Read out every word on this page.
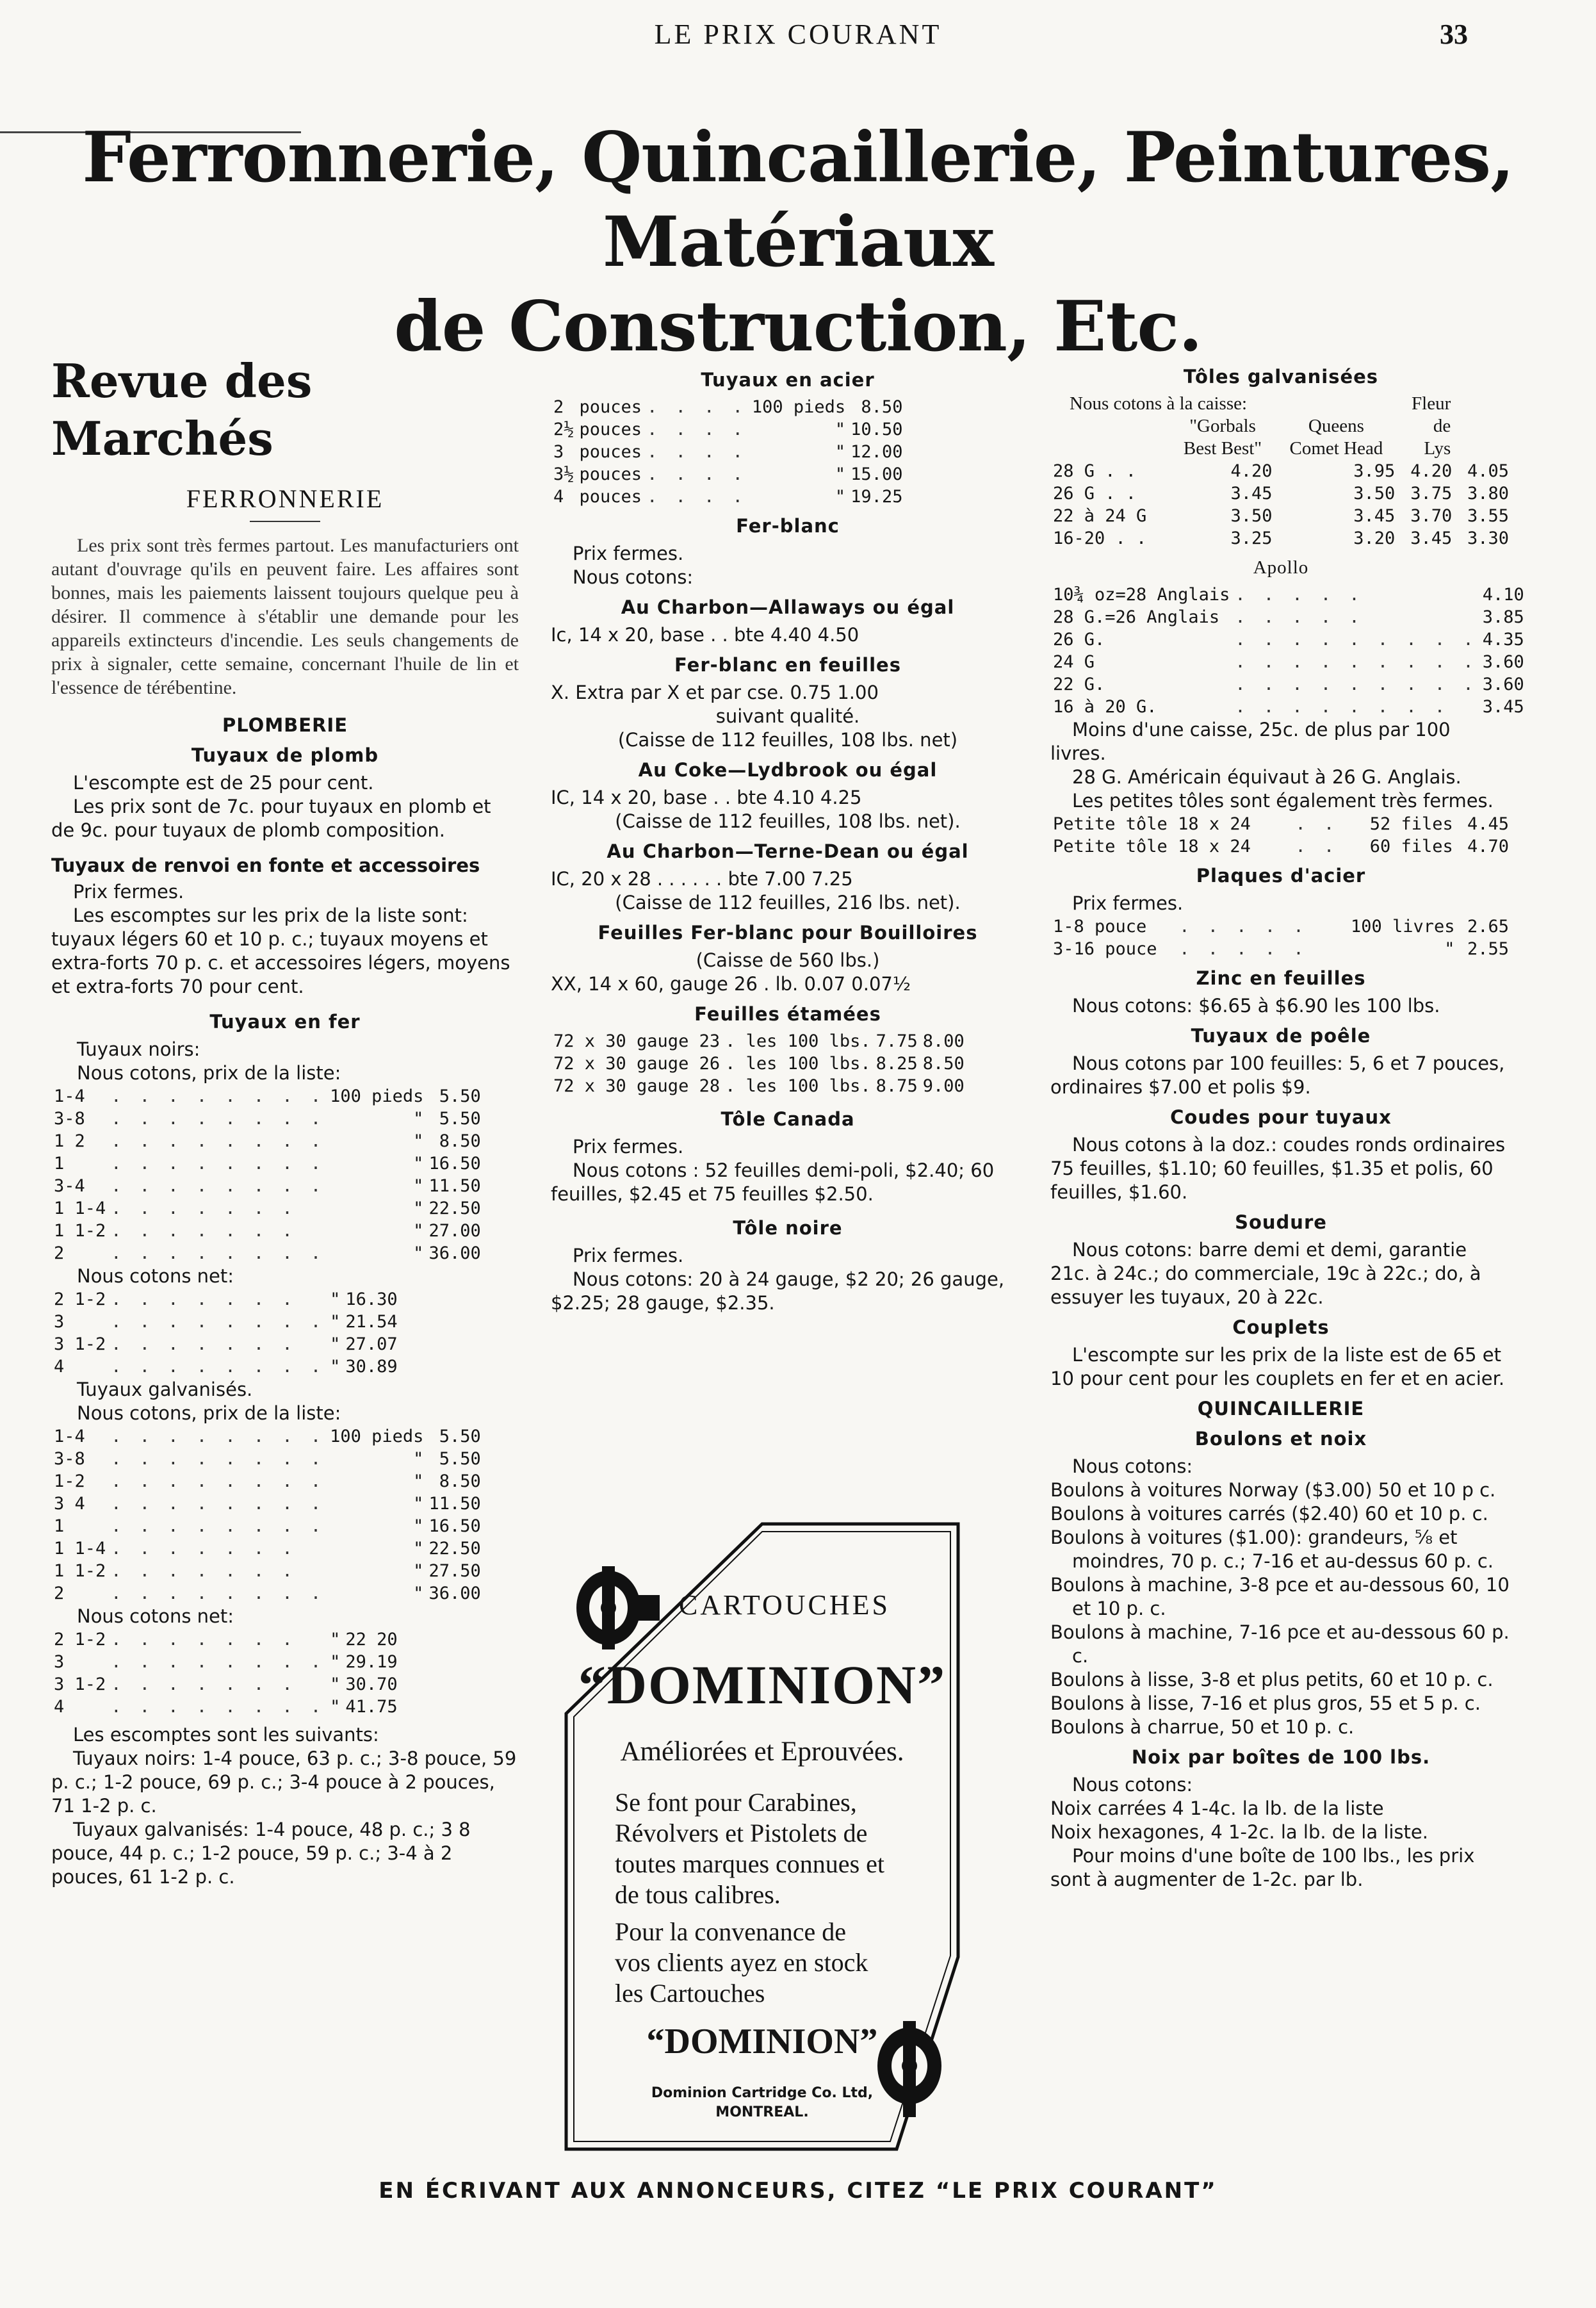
LE PRIX COURANT	33
Ferronnerie, Quincaillerie, Peintures, Matériaux
de Construction, Etc.
Revue des Marchés
FERRONNERIE

Les prix sont très fermes partout. Les manufacturiers ont autant d'ouvrage qu'ils en peuvent faire. Les affaires sont bonnes, mais les paiements laissent toujours quelque peu à désirer. Il commence à s'établir une demande pour les appareils extincteurs d'incendie. Les seuls changements de prix à signaler, cette semaine, concernant l'huile de lin et l'essence de térébentine.

PLOMBERIE
Tuyaux de plomb

L'escompte est de 25 pour cent.

Les prix sont de 7c. pour tuyaux en plomb et de 9c. pour tuyaux de plomb composition.

Tuyaux de renvoi en fonte et accessoires

Prix fermes.

Les escomptes sur les prix de la liste sont: tuyaux légers 60 et 10 p. c.; tuyaux moyens et extra-forts 70 p. c. et accessoires légers, moyens et extra-forts 70 pour cent.

Tuyaux en fer
Tuyaux noirs:
Nous cotons, prix de la liste:
1-4	. . . . . . . .	100 pieds	5.50
3-8	. . . . . . . .	"	5.50
1 2	. . . . . . . .	"	8.50
1	. . . . . . . .	"	16.50
3-4	. . . . . . . .	"	11.50
1 1-4	. . . . . . .	"	22.50
1 1-2	. . . . . . .	"	27.00
2	. . . . . . . .	"	36.00
Nous cotons net:
2 1-2	. . . . . . .	"	16.30
3	. . . . . . . .	"	21.54
3 1-2	. . . . . . .	"	27.07
4	. . . . . . . .	"	30.89
Tuyaux galvanisés.
Nous cotons, prix de la liste:
1-4	. . . . . . . .	100 pieds	5.50
3-8	. . . . . . . .	"	5.50
1-2	. . . . . . . .	"	8.50
3 4	. . . . . . . .	"	11.50
1	. . . . . . . .	"	16.50
1 1-4	. . . . . . .	"	22.50
1 1-2	. . . . . . .	"	27.50
2	. . . . . . . .	"	36.00
Nous cotons net:
2 1-2	. . . . . . .	"	22 20
3	. . . . . . . .	"	29.19
3 1-2	. . . . . . .	"	30.70
4	. . . . . . . .	"	41.75
Les escomptes sont les suivants:

Tuyaux noirs: 1-4 pouce, 63 p. c.; 3-8 pouce, 59 p. c.; 1-2 pouce, 69 p. c.; 3-4 pouce à 2 pouces, 71 1-2 p. c.

Tuyaux galvanisés: 1-4 pouce, 48 p. c.; 3 8 pouce, 44 p. c.; 1-2 pouce, 59 p. c.; 3-4 à 2 pouces, 61 1-2 p. c.

Tuyaux en acier
2	pouces	. . . .	100 pieds	8.50
2½	pouces	. . . .	"	10.50
3	pouces	. . . .	"	12.00
3½	pouces	. . . .	"	15.00
4	pouces	. . . .	"	19.25
Fer-blanc

Prix fermes.

Nous cotons:

Au Charbon—Allaways ou égal
Ic, 14 x 20, base . . bte 4.40 4.50
Fer-blanc en feuilles
X. Extra par X et par cse. 0.75 1.00
suivant qualité.
(Caisse de 112 feuilles, 108 lbs. net)
Au Coke—Lydbrook ou égal
IC, 14 x 20, base . . bte 4.10 4.25
(Caisse de 112 feuilles, 108 lbs. net).
Au Charbon—Terne-Dean ou égal
IC, 20 x 28 . . . . . . bte 7.00 7.25
(Caisse de 112 feuilles, 216 lbs. net).
Feuilles Fer-blanc pour Bouilloires
(Caisse de 560 lbs.)
XX, 14 x 60, gauge 26 . lb. 0.07 0.07½
Feuilles étamées
72 x 30 gauge 23	. les 100 lbs.	7.75	8.00
72 x 30 gauge 26	. les 100 lbs.	8.25	8.50
72 x 30 gauge 28	. les 100 lbs.	8.75	9.00
Tôle Canada

Prix fermes.

Nous cotons : 52 feuilles demi-poli, $2.40; 60 feuilles, $2.45 et 75 feuilles $2.50.

Tôle noire

Prix fermes.

Nous cotons: 20 à 24 gauge, $2 20; 26 gauge, $2.25; 28 gauge, $2.35.

CARTOUCHES
“DOMINION”
Améliorées et Eprouvées.
Se font pour Carabines,
Révolvers et Pistolets de
toutes marques connues et
de tous calibres.
Pour la convenance de
vos clients ayez en stock
les Cartouches
“DOMINION”
Dominion Cartridge Co. Ltd,
MONTREAL.
Tôles galvanisées
Nous cotons à la caisse:			Fleur	
	"Gorbals	Queens	de	
	Best Best"	Comet Head	Lys	
28 G . .	4.20	3.95	4.20	4.05
26 G . .	3.45	3.50	3.75	3.80
22 à 24 G	3.50	3.45	3.70	3.55
16-20 . .	3.25	3.20	3.45	3.30
Apollo
10¾ oz=28 Anglais	. . . . .	4.10
28 G.=26 Anglais	. . . . .	3.85
26 G.	. . . . . . . . .	4.35
24 G	. . . . . . . . .	3.60
22 G.	. . . . . . . . .	3.60
16 à 20 G.	. . . . . . . .	3.45

Moins d'une caisse, 25c. de plus par 100 livres.

28 G. Américain équivaut à 26 G. Anglais.

Les petites tôles sont également très fermes.

Petite tôle 18 x 24	. .	52 files	4.45
Petite tôle 18 x 24	. .	60 files	4.70
Plaques d'acier

Prix fermes.

1-8 pouce	. . . . .	100 livres	2.65
3-16 pouce	. . . . .	"	2.55
Zinc en feuilles

Nous cotons: $6.65 à $6.90 les 100 lbs.

Tuyaux de poêle

Nous cotons par 100 feuilles: 5, 6 et 7 pouces, ordinaires $7.00 et polis $9.

Coudes pour tuyaux

Nous cotons à la doz.: coudes ronds ordinaires 75 feuilles, $1.10; 60 feuilles, $1.35 et polis, 60 feuilles, $1.60.

Soudure

Nous cotons: barre demi et demi, garantie 21c. à 24c.; do commerciale, 19c à 22c.; do, à essuyer les tuyaux, 20 à 22c.

Couplets

L'escompte sur les prix de la liste est de 65 et 10 pour cent pour les couplets en fer et en acier.

QUINCAILLERIE
Boulons et noix
Nous cotons:
Boulons à voitures Norway ($3.00) 50 et 10 p c.
Boulons à voitures carrés ($2.40) 60 et 10 p. c.
Boulons à voitures ($1.00): grandeurs, ⅝ et moindres, 70 p. c.; 7-16 et au-dessus 60 p. c.
Boulons à machine, 3-8 pce et au-dessous 60, 10 et 10 p. c.
Boulons à machine, 7-16 pce et au-dessous 60 p. c.
Boulons à lisse, 3-8 et plus petits, 60 et 10 p. c.
Boulons à lisse, 7-16 et plus gros, 55 et 5 p. c.
Boulons à charrue, 50 et 10 p. c.
Noix par boîtes de 100 lbs.
Nous cotons:
Noix carrées 4 1-4c. la lb. de la liste
Noix hexagones, 4 1-2c. la lb. de la liste.

Pour moins d'une boîte de 100 lbs., les prix sont à augmenter de 1-2c. par lb.

EN ÉCRIVANT AUX ANNONCEURS, CITEZ “LE PRIX COURANT”
